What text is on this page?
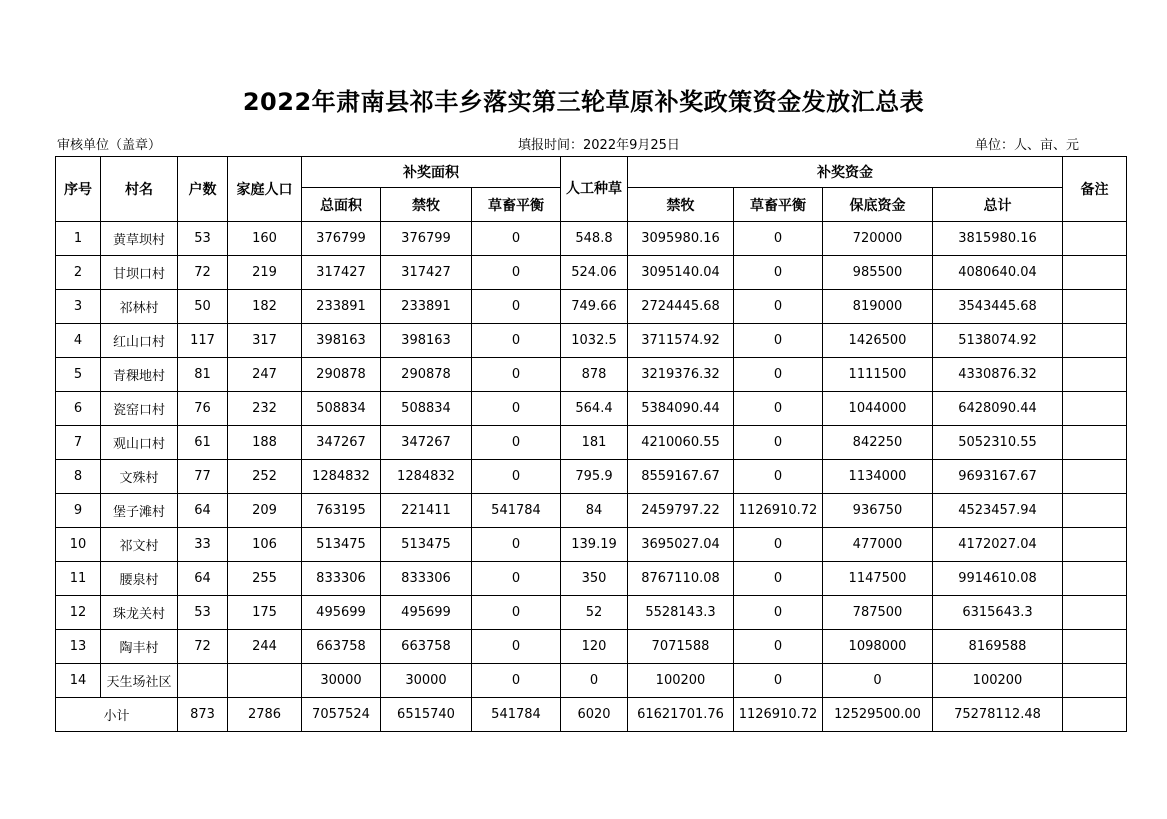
2022年肃南县祁丰乡落实第三轮草原补奖政策资金发放汇总表
审核单位（盖章）	填报时间：2022年9月25日	单位：人、亩、元
序号	村名	户数	家庭人口	补奖面积			人工种草	补奖资金				备注
				总面积	禁牧	草畜平衡		禁牧	草畜平衡	保底资金	总计	
1	黄草坝村	53	160	376799	376799	0	548.8	3095980.16	0	720000	3815980.16	
2	甘坝口村	72	219	317427	317427	0	524.06	3095140.04	0	985500	4080640.04	
3	祁林村	50	182	233891	233891	0	749.66	2724445.68	0	819000	3543445.68	
4	红山口村	117	317	398163	398163	0	1032.5	3711574.92	0	1426500	5138074.92	
5	青稞地村	81	247	290878	290878	0	878	3219376.32	0	1111500	4330876.32	
6	瓷窑口村	76	232	508834	508834	0	564.4	5384090.44	0	1044000	6428090.44	
7	观山口村	61	188	347267	347267	0	181	4210060.55	0	842250	5052310.55	
8	文殊村	77	252	1284832	1284832	0	795.9	8559167.67	0	1134000	9693167.67	
9	堡子滩村	64	209	763195	221411	541784	84	2459797.22	1126910.72	936750	4523457.94	
10	祁文村	33	106	513475	513475	0	139.19	3695027.04	0	477000	4172027.04	
11	腰泉村	64	255	833306	833306	0	350	8767110.08	0	1147500	9914610.08	
12	珠龙关村	53	175	495699	495699	0	52	5528143.3	0	787500	6315643.3	
13	陶丰村	72	244	663758	663758	0	120	7071588	0	1098000	8169588	
14	天生场社区			30000	30000	0	0	100200	0	0	100200	
小计		873	2786	7057524	6515740	541784	6020	61621701.76	1126910.72	12529500.00	75278112.48	
